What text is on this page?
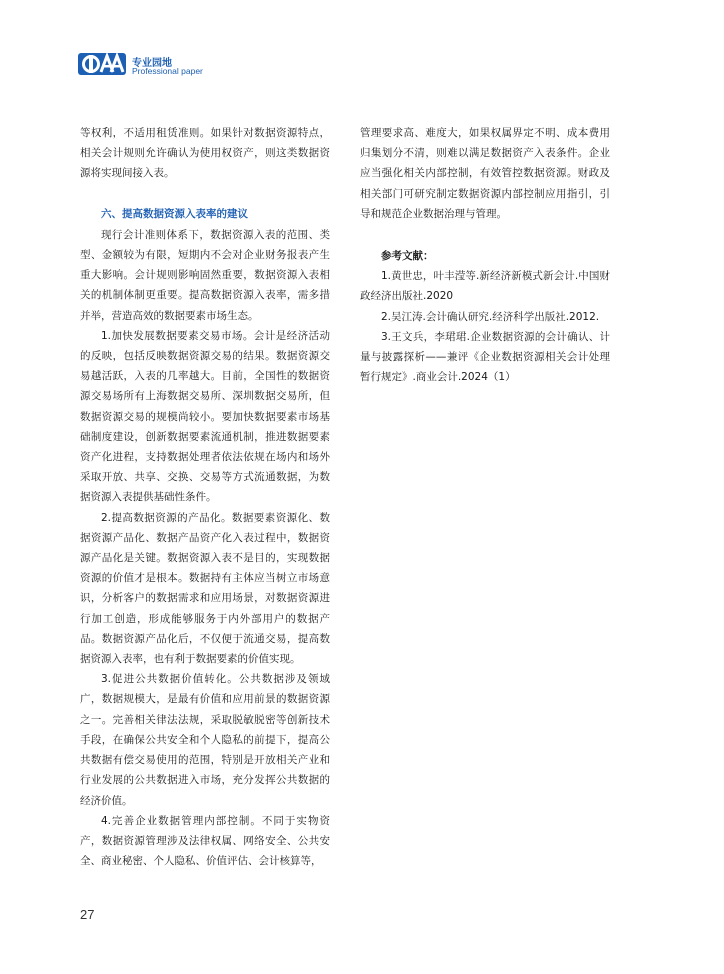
专业园地
Professional paper

等权利，不适用租赁准则。如果针对数据资源特点，相关会计规则允许确认为使用权资产，则这类数据资源将实现间接入表。

六、提高数据资源入表率的建议

现行会计准则体系下，数据资源入表的范围、类型、金额较为有限，短期内不会对企业财务报表产生重大影响。会计规则影响固然重要，数据资源入表相关的机制体制更重要。提高数据资源入表率，需多措并举，营造高效的数据要素市场生态。

1.加快发展数据要素交易市场。会计是经济活动的反映，包括反映数据资源交易的结果。数据资源交易越活跃，入表的几率越大。目前，全国性的数据资源交易场所有上海数据交易所、深圳数据交易所，但数据资源交易的规模尚较小。要加快数据要素市场基础制度建设，创新数据要素流通机制，推进数据要素资产化进程，支持数据处理者依法依规在场内和场外采取开放、共享、交换、交易等方式流通数据，为数据资源入表提供基础性条件。

2.提高数据资源的产品化。数据要素资源化、数据资源产品化、数据产品资产化入表过程中，数据资源产品化是关键。数据资源入表不是目的，实现数据资源的价值才是根本。数据持有主体应当树立市场意识，分析客户的数据需求和应用场景，对数据资源进行加工创造，形成能够服务于内外部用户的数据产品。数据资源产品化后，不仅便于流通交易，提高数据资源入表率，也有利于数据要素的价值实现。

3.促进公共数据价值转化。公共数据涉及领域广，数据规模大，是最有价值和应用前景的数据资源之一。完善相关律法法规，采取脱敏脱密等创新技术手段，在确保公共安全和个人隐私的前提下，提高公共数据有偿交易使用的范围，特别是开放相关产业和行业发展的公共数据进入市场，充分发挥公共数据的经济价值。

4.完善企业数据管理内部控制。不同于实物资产，数据资源管理涉及法律权属、网络安全、公共安全、商业秘密、个人隐私、价值评估、会计核算等，

管理要求高、难度大，如果权属界定不明、成本费用归集划分不清，则难以满足数据资产入表条件。企业应当强化相关内部控制，有效管控数据资源。财政及相关部门可研究制定数据资源内部控制应用指引，引导和规范企业数据治理与管理。

参考文献：

1.黄世忠，叶丰滢等.新经济新模式新会计.中国财政经济出版社.2020

2.吴江涛.会计确认研究.经济科学出版社.2012.

3.王文兵，李珺珺.企业数据资源的会计确认、计量与披露探析——兼评《企业数据资源相关会计处理暂行规定》.商业会计.2024（1）

27
